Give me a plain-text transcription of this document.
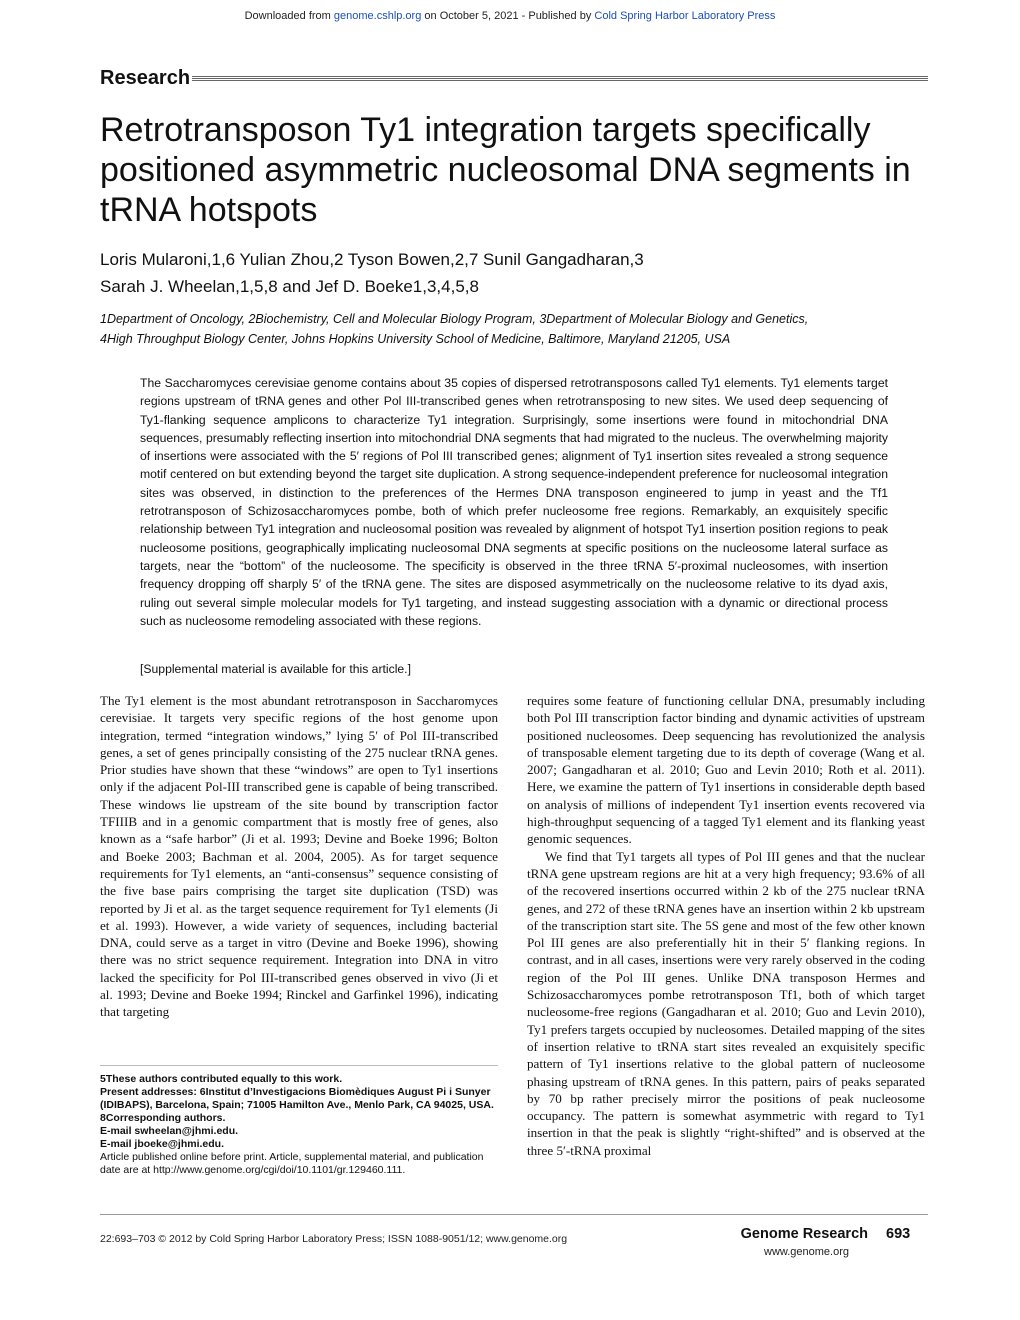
Downloaded from genome.cshlp.org on October 5, 2021 - Published by Cold Spring Harbor Laboratory Press
Research
Retrotransposon Ty1 integration targets specifically positioned asymmetric nucleosomal DNA segments in tRNA hotspots
Loris Mularoni,1,6 Yulian Zhou,2 Tyson Bowen,2,7 Sunil Gangadharan,3
Sarah J. Wheelan,1,5,8 and Jef D. Boeke1,3,4,5,8
1Department of Oncology, 2Biochemistry, Cell and Molecular Biology Program, 3Department of Molecular Biology and Genetics,
4High Throughput Biology Center, Johns Hopkins University School of Medicine, Baltimore, Maryland 21205, USA

The Saccharomyces cerevisiae genome contains about 35 copies of dispersed retrotransposons called Ty1 elements. Ty1 elements target regions upstream of tRNA genes and other Pol III-transcribed genes when retrotransposing to new sites. We used deep sequencing of Ty1-flanking sequence amplicons to characterize Ty1 integration. Surprisingly, some insertions were found in mitochondrial DNA sequences, presumably reflecting insertion into mitochondrial DNA segments that had migrated to the nucleus. The overwhelming majority of insertions were associated with the 5′ regions of Pol III transcribed genes; alignment of Ty1 insertion sites revealed a strong sequence motif centered on but extending beyond the target site duplication. A strong sequence-independent preference for nucleosomal integration sites was observed, in distinction to the preferences of the Hermes DNA transposon engineered to jump in yeast and the Tf1 retrotransposon of Schizosaccharomyces pombe, both of which prefer nucleosome free regions. Remarkably, an exquisitely specific relationship between Ty1 integration and nucleosomal position was revealed by alignment of hotspot Ty1 insertion position regions to peak nucleosome positions, geographically implicating nucleosomal DNA segments at specific positions on the nucleosome lateral surface as targets, near the “bottom” of the nucleosome. The specificity is observed in the three tRNA 5′-proximal nucleosomes, with insertion frequency dropping off sharply 5′ of the tRNA gene. The sites are disposed asymmetrically on the nucleosome relative to its dyad axis, ruling out several simple molecular models for Ty1 targeting, and instead suggesting association with a dynamic or directional process such as nucleosome remodeling associated with these regions.

[Supplemental material is available for this article.]

The Ty1 element is the most abundant retrotransposon in Saccharomyces cerevisiae. It targets very specific regions of the host genome upon integration, termed “integration windows,” lying 5′ of Pol III-transcribed genes, a set of genes principally consisting of the 275 nuclear tRNA genes. Prior studies have shown that these “windows” are open to Ty1 insertions only if the adjacent Pol-III transcribed gene is capable of being transcribed. These windows lie upstream of the site bound by transcription factor TFIIIB and in a genomic compartment that is mostly free of genes, also known as a “safe harbor” (Ji et al. 1993; Devine and Boeke 1996; Bolton and Boeke 2003; Bachman et al. 2004, 2005). As for target sequence requirements for Ty1 elements, an “anti-consensus” sequence consisting of the five base pairs comprising the target site duplication (TSD) was reported by Ji et al. as the target sequence requirement for Ty1 elements (Ji et al. 1993). However, a wide variety of sequences, including bacterial DNA, could serve as a target in vitro (Devine and Boeke 1996), showing there was no strict sequence requirement. Integration into DNA in vitro lacked the specificity for Pol III-transcribed genes observed in vivo (Ji et al. 1993; Devine and Boeke 1994; Rinckel and Garfinkel 1996), indicating that targeting

requires some feature of functioning cellular DNA, presumably including both Pol III transcription factor binding and dynamic activities of upstream positioned nucleosomes. Deep sequencing has revolutionized the analysis of transposable element targeting due to its depth of coverage (Wang et al. 2007; Gangadharan et al. 2010; Guo and Levin 2010; Roth et al. 2011). Here, we examine the pattern of Ty1 insertions in considerable depth based on analysis of millions of independent Ty1 insertion events recovered via high-throughput sequencing of a tagged Ty1 element and its flanking yeast genomic sequences.

We find that Ty1 targets all types of Pol III genes and that the nuclear tRNA gene upstream regions are hit at a very high frequency; 93.6% of all of the recovered insertions occurred within 2 kb of the 275 nuclear tRNA genes, and 272 of these tRNA genes have an insertion within 2 kb upstream of the transcription start site. The 5S gene and most of the few other known Pol III genes are also preferentially hit in their 5′ flanking regions. In contrast, and in all cases, insertions were very rarely observed in the coding region of the Pol III genes. Unlike DNA transposon Hermes and Schizosaccharomyces pombe retrotransposon Tf1, both of which target nucleosome-free regions (Gangadharan et al. 2010; Guo and Levin 2010), Ty1 prefers targets occupied by nucleosomes. Detailed mapping of the sites of insertion relative to tRNA start sites revealed an exquisitely specific pattern of Ty1 insertions relative to the global pattern of nucleosome phasing upstream of tRNA genes. In this pattern, pairs of peaks separated by 70 bp rather precisely mirror the positions of peak nucleosome occupancy. The pattern is somewhat asymmetric with regard to Ty1 insertion in that the peak is slightly “right-shifted” and is observed at the three 5′-tRNA proximal

5These authors contributed equally to this work.
Present addresses: 6Institut d’Investigacions Biomèdiques August Pi i Sunyer (IDIBAPS), Barcelona, Spain; 71005 Hamilton Ave., Menlo Park, CA 94025, USA.
8Corresponding authors.
E-mail swheelan@jhmi.edu.
E-mail jboeke@jhmi.edu.
Article published online before print. Article, supplemental material, and publication date are at http://www.genome.org/cgi/doi/10.1101/gr.129460.111.
22:693–703 © 2012 by Cold Spring Harbor Laboratory Press; ISSN 1088-9051/12; www.genome.org	Genome Research 693
www.genome.org
